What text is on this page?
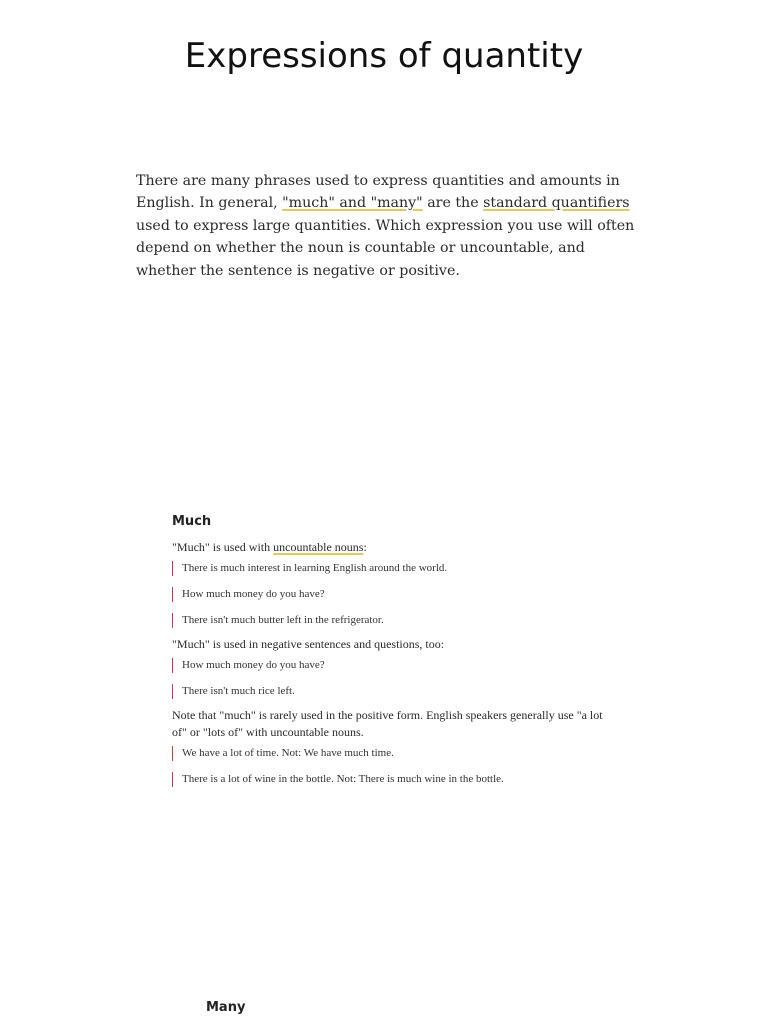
Expressions of quantity

There are many phrases used to express quantities and amounts in English. In general, "much" and "many" are the standard quantifiers used to express large quantities. Which expression you use will often depend on whether the noun is countable or uncountable, and whether the sentence is negative or positive.

Much

"Much" is used with uncountable nouns:

There is much interest in learning English around the world.
How much money do you have?
There isn't much butter left in the refrigerator.

"Much" is used in negative sentences and questions, too:

How much money do you have?
There isn't much rice left.

Note that "much" is rarely used in the positive form. English speakers generally use "a lot of" or "lots of" with uncountable nouns.

We have a lot of time. Not: We have much time.
There is a lot of wine in the bottle. Not: There is much wine in the bottle.
Many
